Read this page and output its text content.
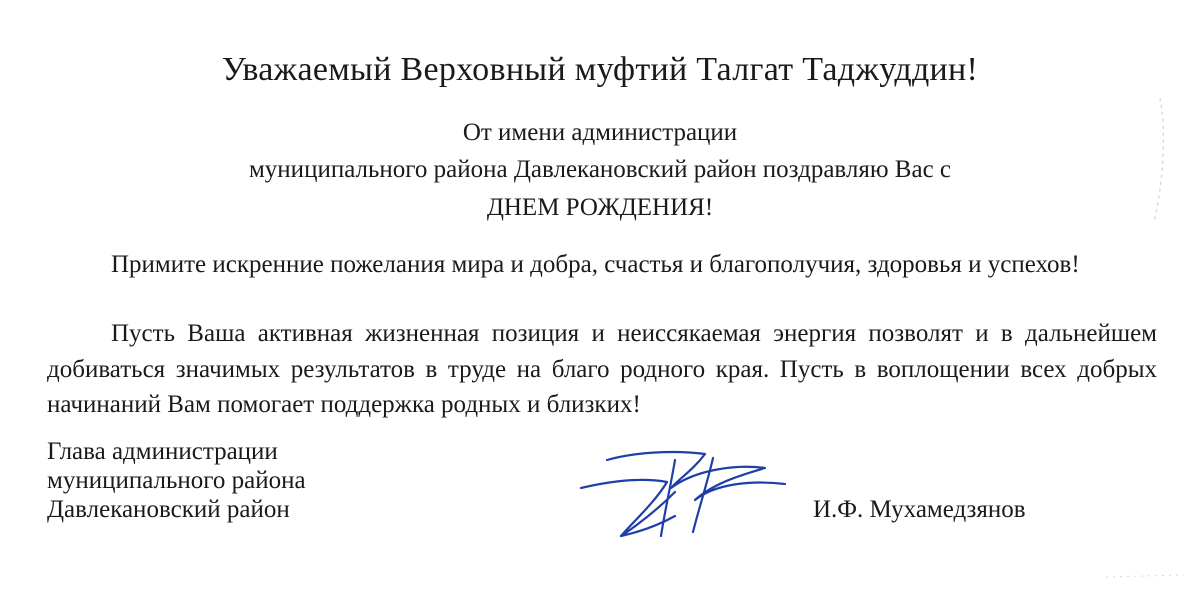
Уважаемый Верховный муфтий Талгат Таджуддин!
От имени администрации
муниципального района Давлекановский район поздравляю Вас с
ДНЕМ РОЖДЕНИЯ!
Примите искренние пожелания мира и добра, счастья и благополучия, здоровья и успехов!
Пусть Ваша активная жизненная позиция и неиссякаемая энергия позволят и в дальнейшем добиваться значимых результатов в труде на благо родного края. Пусть в воплощении всех добрых начинаний Вам помогает поддержка родных и близких!
Глава администрации
муниципального района
Давлекановский район	И.Ф. Мухамедзянов
